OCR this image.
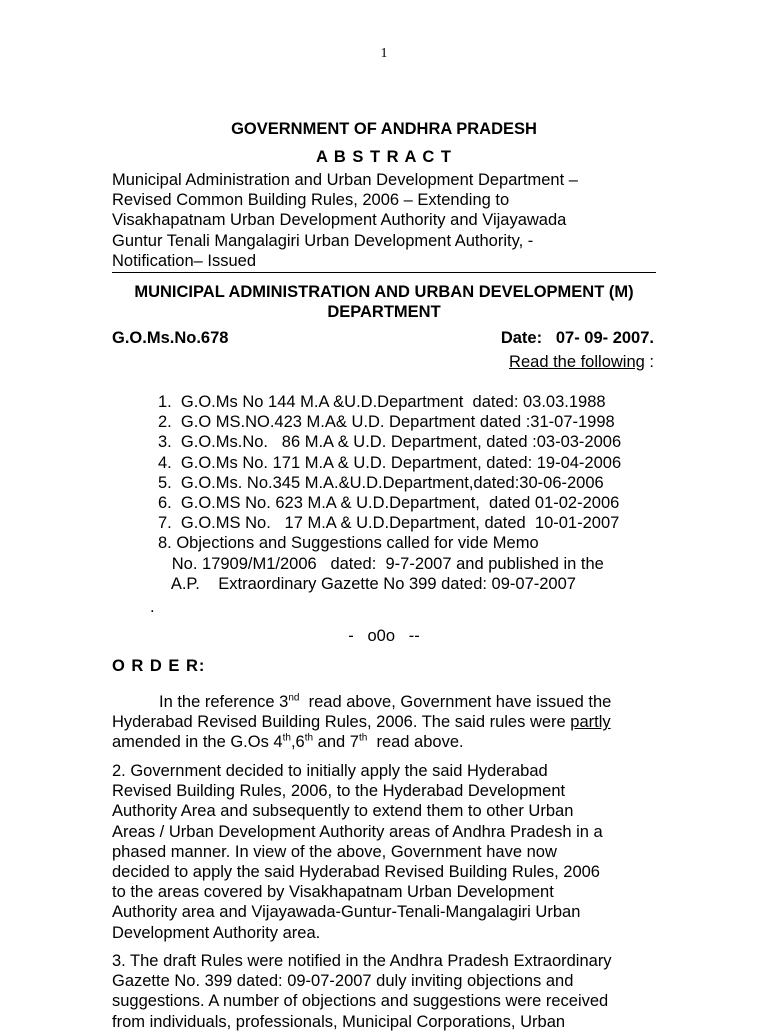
1
GOVERNMENT OF ANDHRA PRADESH
A B S T R A C T
Municipal Administration and Urban Development Department –
Revised Common Building Rules, 2006 – Extending to
Visakhapatnam Urban Development Authority and Vijayawada
Guntur Tenali Mangalagiri Urban Development Authority, -
Notification– Issued
MUNICIPAL ADMINISTRATION AND URBAN DEVELOPMENT (M)
DEPARTMENT
G.O.Ms.No.678	Date:   07- 09- 2007.
Read the following :
1.  G.O.Ms No 144 M.A &U.D.Department  dated: 03.03.1988
2.  G.O MS.NO.423 M.A& U.D. Department dated :31-07-1998
3.  G.O.Ms.No.   86 M.A & U.D. Department, dated :03-03-2006
4.  G.O.Ms No. 171 M.A & U.D. Department, dated: 19-04-2006
5.  G.O.Ms. No.345 M.A.&U.D.Department,dated:30-06-2006
6.  G.O.MS No. 623 M.A & U.D.Department,  dated 01-02-2006
7.  G.O.MS No.   17 M.A & U.D.Department, dated  10-01-2007
8. Objections and Suggestions called for vide Memo
No. 17909/M1/2006   dated:  9-7-2007 and published in the
A.P.    Extraordinary Gazette No 399 dated: 09-07-2007
.
-   o0o   --
O R D E R:
In the reference 3nd  read above, Government have issued the
Hyderabad Revised Building Rules, 2006. The said rules were partly
amended in the G.Os 4th,6th and 7th  read above.
2. Government decided to initially apply the said Hyderabad
Revised Building Rules, 2006, to the Hyderabad Development
Authority Area and subsequently to extend them to other Urban
Areas / Urban Development Authority areas of Andhra Pradesh in a
phased manner. In view of the above, Government have now
decided to apply the said Hyderabad Revised Building Rules, 2006
to the areas covered by Visakhapatnam Urban Development
Authority area and Vijayawada-Guntur-Tenali-Mangalagiri Urban
Development Authority area.
3. The draft Rules were notified in the Andhra Pradesh Extraordinary
Gazette No. 399 dated: 09-07-2007 duly inviting objections and
suggestions. A number of objections and suggestions were received
from individuals, professionals, Municipal Corporations, Urban
